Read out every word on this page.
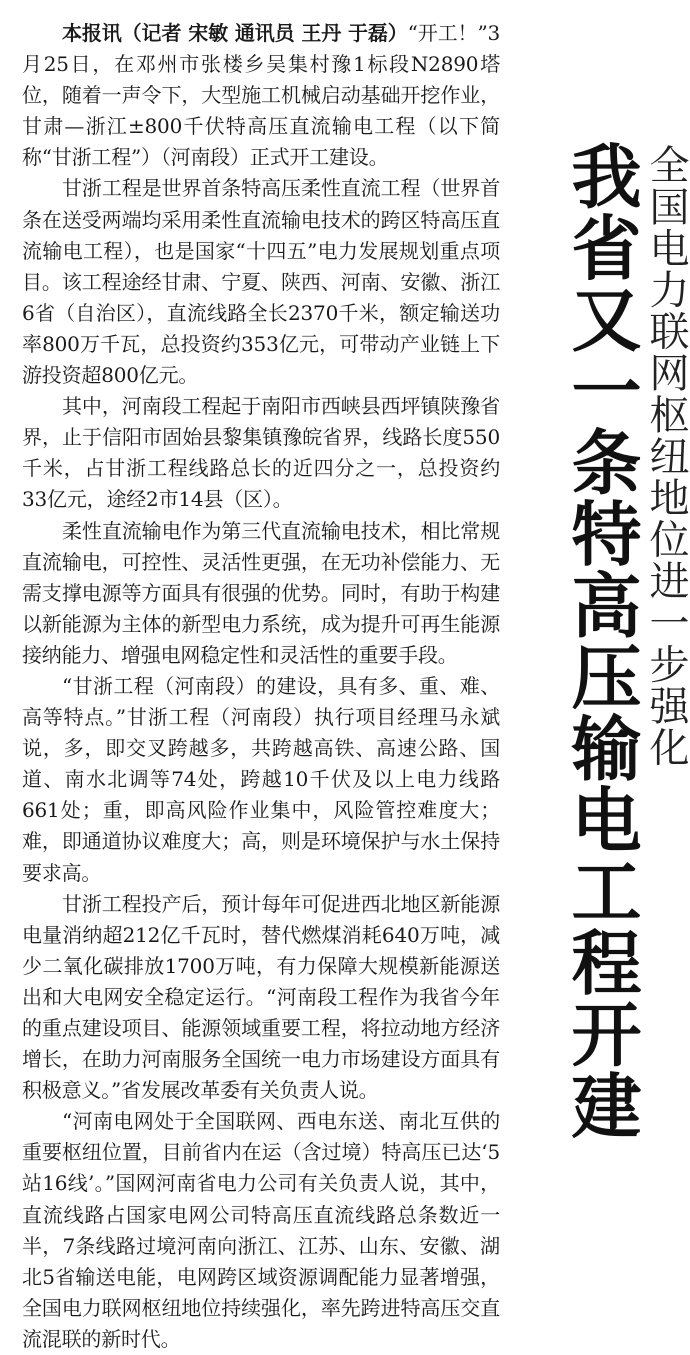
本报讯（记者 宋敏 通讯员 王丹 于磊）“开工！”3月25日，在邓州市张楼乡吴集村豫1标段N2890塔位，随着一声令下，大型施工机械启动基础开挖作业，甘肃—浙江±800千伏特高压直流输电工程（以下简称“甘浙工程”）（河南段）正式开工建设。

甘浙工程是世界首条特高压柔性直流工程（世界首条在送受两端均采用柔性直流输电技术的跨区特高压直流输电工程），也是国家“十四五”电力发展规划重点项目。该工程途经甘肃、宁夏、陕西、河南、安徽、浙江6省（自治区），直流线路全长2370千米，额定输送功率800万千瓦，总投资约353亿元，可带动产业链上下游投资超800亿元。

其中，河南段工程起于南阳市西峡县西坪镇陕豫省界，止于信阳市固始县黎集镇豫皖省界，线路长度550千米，占甘浙工程线路总长的近四分之一，总投资约33亿元，途经2市14县（区）。

柔性直流输电作为第三代直流输电技术，相比常规直流输电，可控性、灵活性更强，在无功补偿能力、无需支撑电源等方面具有很强的优势。同时，有助于构建以新能源为主体的新型电力系统，成为提升可再生能源接纳能力、增强电网稳定性和灵活性的重要手段。

“甘浙工程（河南段）的建设，具有多、重、难、高等特点。”甘浙工程（河南段）执行项目经理马永斌说，多，即交叉跨越多，共跨越高铁、高速公路、国道、南水北调等74处，跨越10千伏及以上电力线路661处；重，即高风险作业集中，风险管控难度大；难，即通道协议难度大；高，则是环境保护与水土保持要求高。

甘浙工程投产后，预计每年可促进西北地区新能源电量消纳超212亿千瓦时，替代燃煤消耗640万吨，减少二氧化碳排放1700万吨，有力保障大规模新能源送出和大电网安全稳定运行。“河南段工程作为我省今年的重点建设项目、能源领域重要工程，将拉动地方经济增长，在助力河南服务全国统一电力市场建设方面具有积极意义。”省发展改革委有关负责人说。

“河南电网处于全国联网、西电东送、南北互供的重要枢纽位置，目前省内在运（含过境）特高压已达‘5站16线’。”国网河南省电力公司有关负责人说，其中，直流线路占国家电网公司特高压直流线路总条数近一半，7条线路过境河南向浙江、江苏、山东、安徽、湖北5省输送电能，电网跨区域资源调配能力显著增强，全国电力联网枢纽地位持续强化，率先跨进特高压交直流混联的新时代。

我省又一条特高压输电工程开建 全国电力联网枢纽地位进一步强化
